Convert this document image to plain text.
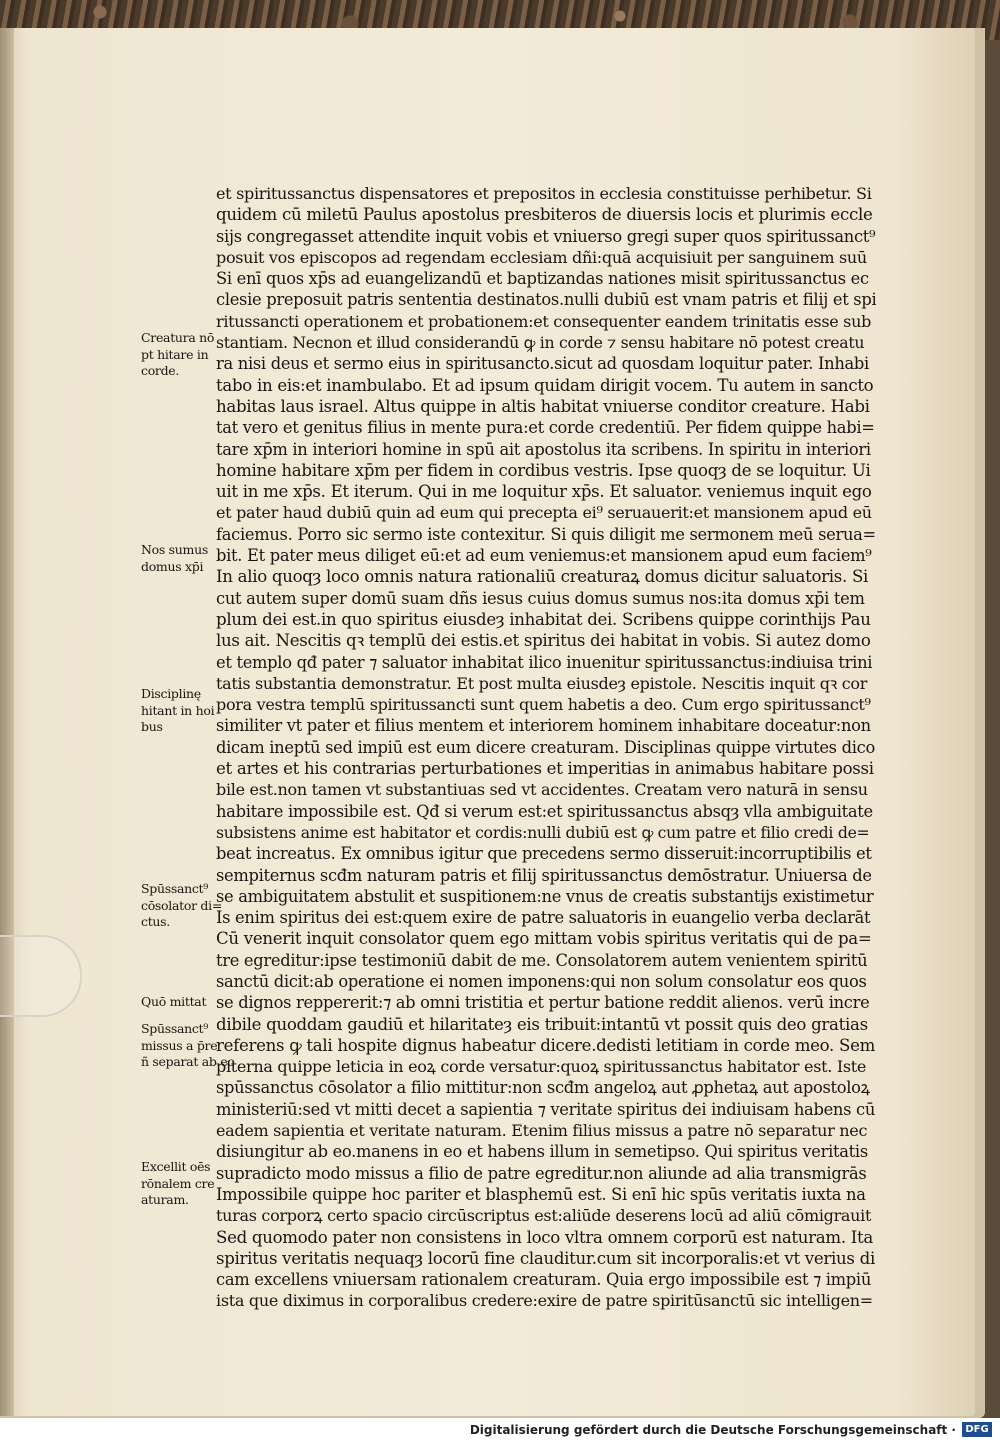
et spiritussanctus dispensatores et prepositos in ecclesia constituisse perhibetur. Si
quidem cū miletū Paulus apostolus presbiteros de diuersis locis et plurimis eccle
sijs congregasset attendite inquit vobis et vniuerso gregi super quos spiritussanct⁹
posuit vos episcopos ad regendam ecclesiam dñi:quā acquisiuit per sanguinem suū
Si enī quos xp̄s ad euangelizandū et baptizandas nationes misit spiritussanctus ec
clesie preposuit patris sententia destinatos.nulli dubiū est vnam patris et filij et spi
ritussancti operationem et probationem:et consequenter eandem trinitatis esse sub
stantiam. Necnon et illud considerandū ꝙ in corde ⁊ sensu habitare nō potest creatu
ra nisi deus et sermo eius in spiritusancto.sicut ad quosdam loquitur pater. Inhabi
tabo in eis:et inambulabo. Et ad ipsum quidam dirigit vocem. Tu autem in sancto
habitas laus israel. Altus quippe in altis habitat vniuerse conditor creature. Habi
tat vero et genitus filius in mente pura:et corde credentiū. Per fidem quippe habi=
tare xp̄m in interiori homine in spū ait apostolus ita scribens. In spiritu in interiori
homine habitare xp̄m per fidem in cordibus vestris. Ipse quoqȝ de se loquitur. Ui
uit in me xp̄s. Et iterum. Qui in me loquitur xp̄s. Et saluator. veniemus inquit ego
et pater haud dubiū quin ad eum qui precepta ei⁹ seruauerit:et mansionem apud eū
faciemus. Porro sic sermo iste contexitur. Si quis diligit me sermonem meū serua=
bit. Et pater meus diliget eū:et ad eum veniemus:et mansionem apud eum faciem⁹
In alio quoqȝ loco omnis natura rationaliū creaturaꝝ domus dicitur saluatoris. Si
cut autem super domū suam dñs iesus cuius domus sumus nos:ita domus xp̄i tem
plum dei est.in quo spiritus eiusdeȝ inhabitat dei. Scribens quippe corinthijs Pau
lus ait. Nescitis qꝛ templū dei estis.et spiritus dei habitat in vobis. Si autez domo
et templo qđ pater ⁊ saluator inhabitat ilico inuenitur spiritussanctus:indiuisa trini
tatis substantia demonstratur. Et post multa eiusdeȝ epistole. Nescitis inquit qꝛ cor
pora vestra templū spiritussancti sunt quem habetis a deo. Cum ergo spiritussanct⁹
similiter vt pater et filius mentem et interiorem hominem inhabitare doceatur:non
dicam ineptū sed impiū est eum dicere creaturam. Disciplinas quippe virtutes dico
et artes et his contrarias perturbationes et imperitias in animabus habitare possi
bile est.non tamen vt substantiuas sed vt accidentes. Creatam vero naturā in sensu
habitare impossibile est. Qđ si verum est:et spiritussanctus absqȝ vlla ambiguitate
subsistens anime est habitator et cordis:nulli dubiū est ꝙ cum patre et filio credi de=
beat increatus. Ex omnibus igitur que precedens sermo disseruit:incorruptibilis et
sempiternus scđm naturam patris et filij spiritussanctus demōstratur. Uniuersa de
se ambiguitatem abstulit et suspitionem:ne vnus de creatis substantijs existimetur
Is enim spiritus dei est:quem exire de patre saluatoris in euangelio verba declarāt
Cū venerit inquit consolator quem ego mittam vobis spiritus veritatis qui de pa=
tre egreditur:ipse testimoniū dabit de me. Consolatorem autem venientem spiritū
sanctū dicit:ab operatione ei nomen imponens:qui non solum consolatur eos quos
se dignos reppererit:⁊ ab omni tristitia et pertur batione reddit alienos. verū incre
dibile quoddam gaudiū et hilaritateȝ eis tribuit:intantū vt possit quis deo gratias
referens ꝙ tali hospite dignus habeatur dicere.dedisti letitiam in corde meo. Sem
piterna quippe leticia in eoꝝ corde versatur:quoꝝ spiritussanctus habitator est. Iste
spūssanctus cōsolator a filio mittitur:non scđm angeloꝝ aut ꝓphetaꝝ aut apostoloꝝ
ministeriū:sed vt mitti decet a sapientia ⁊ veritate spiritus dei indiuisam habens cū
eadem sapientia et veritate naturam. Etenim filius missus a patre nō separatur nec
disiungitur ab eo.manens in eo et habens illum in semetipso. Qui spiritus veritatis
supradicto modo missus a filio de patre egreditur.non aliunde ad alia transmigrās
Impossibile quippe hoc pariter et blasphemū est. Si enī hic spūs veritatis iuxta na
turas corporꝝ certo spacio circūscriptus est:aliūde deserens locū ad aliū cōmigrauit
Sed quomodo pater non consistens in loco vltra omnem corporū est naturam. Ita
spiritus veritatis nequaqȝ locorū fine clauditur.cum sit incorporalis:et vt verius di
cam excellens vniuersam rationalem creaturam. Quia ergo impossibile est ⁊ impiū
ista que diximus in corporalibus credere:exire de patre spiritūsanctū sic intelligen=
Creatura nō
pt hitare in
corde.
Nos sumus
domus xp̄i
Disciplinę
hitant in hoi
bus
Spūssanct⁹
cōsolator di=
ctus.
Quō mittat
Spūssanct⁹
missus a p̄re
ñ separat ab eo
Excellit oēs
rōnalem cre
aturam.
Digitalisierung gefördert durch die Deutsche Forschungsgemeinschaft · DFG
